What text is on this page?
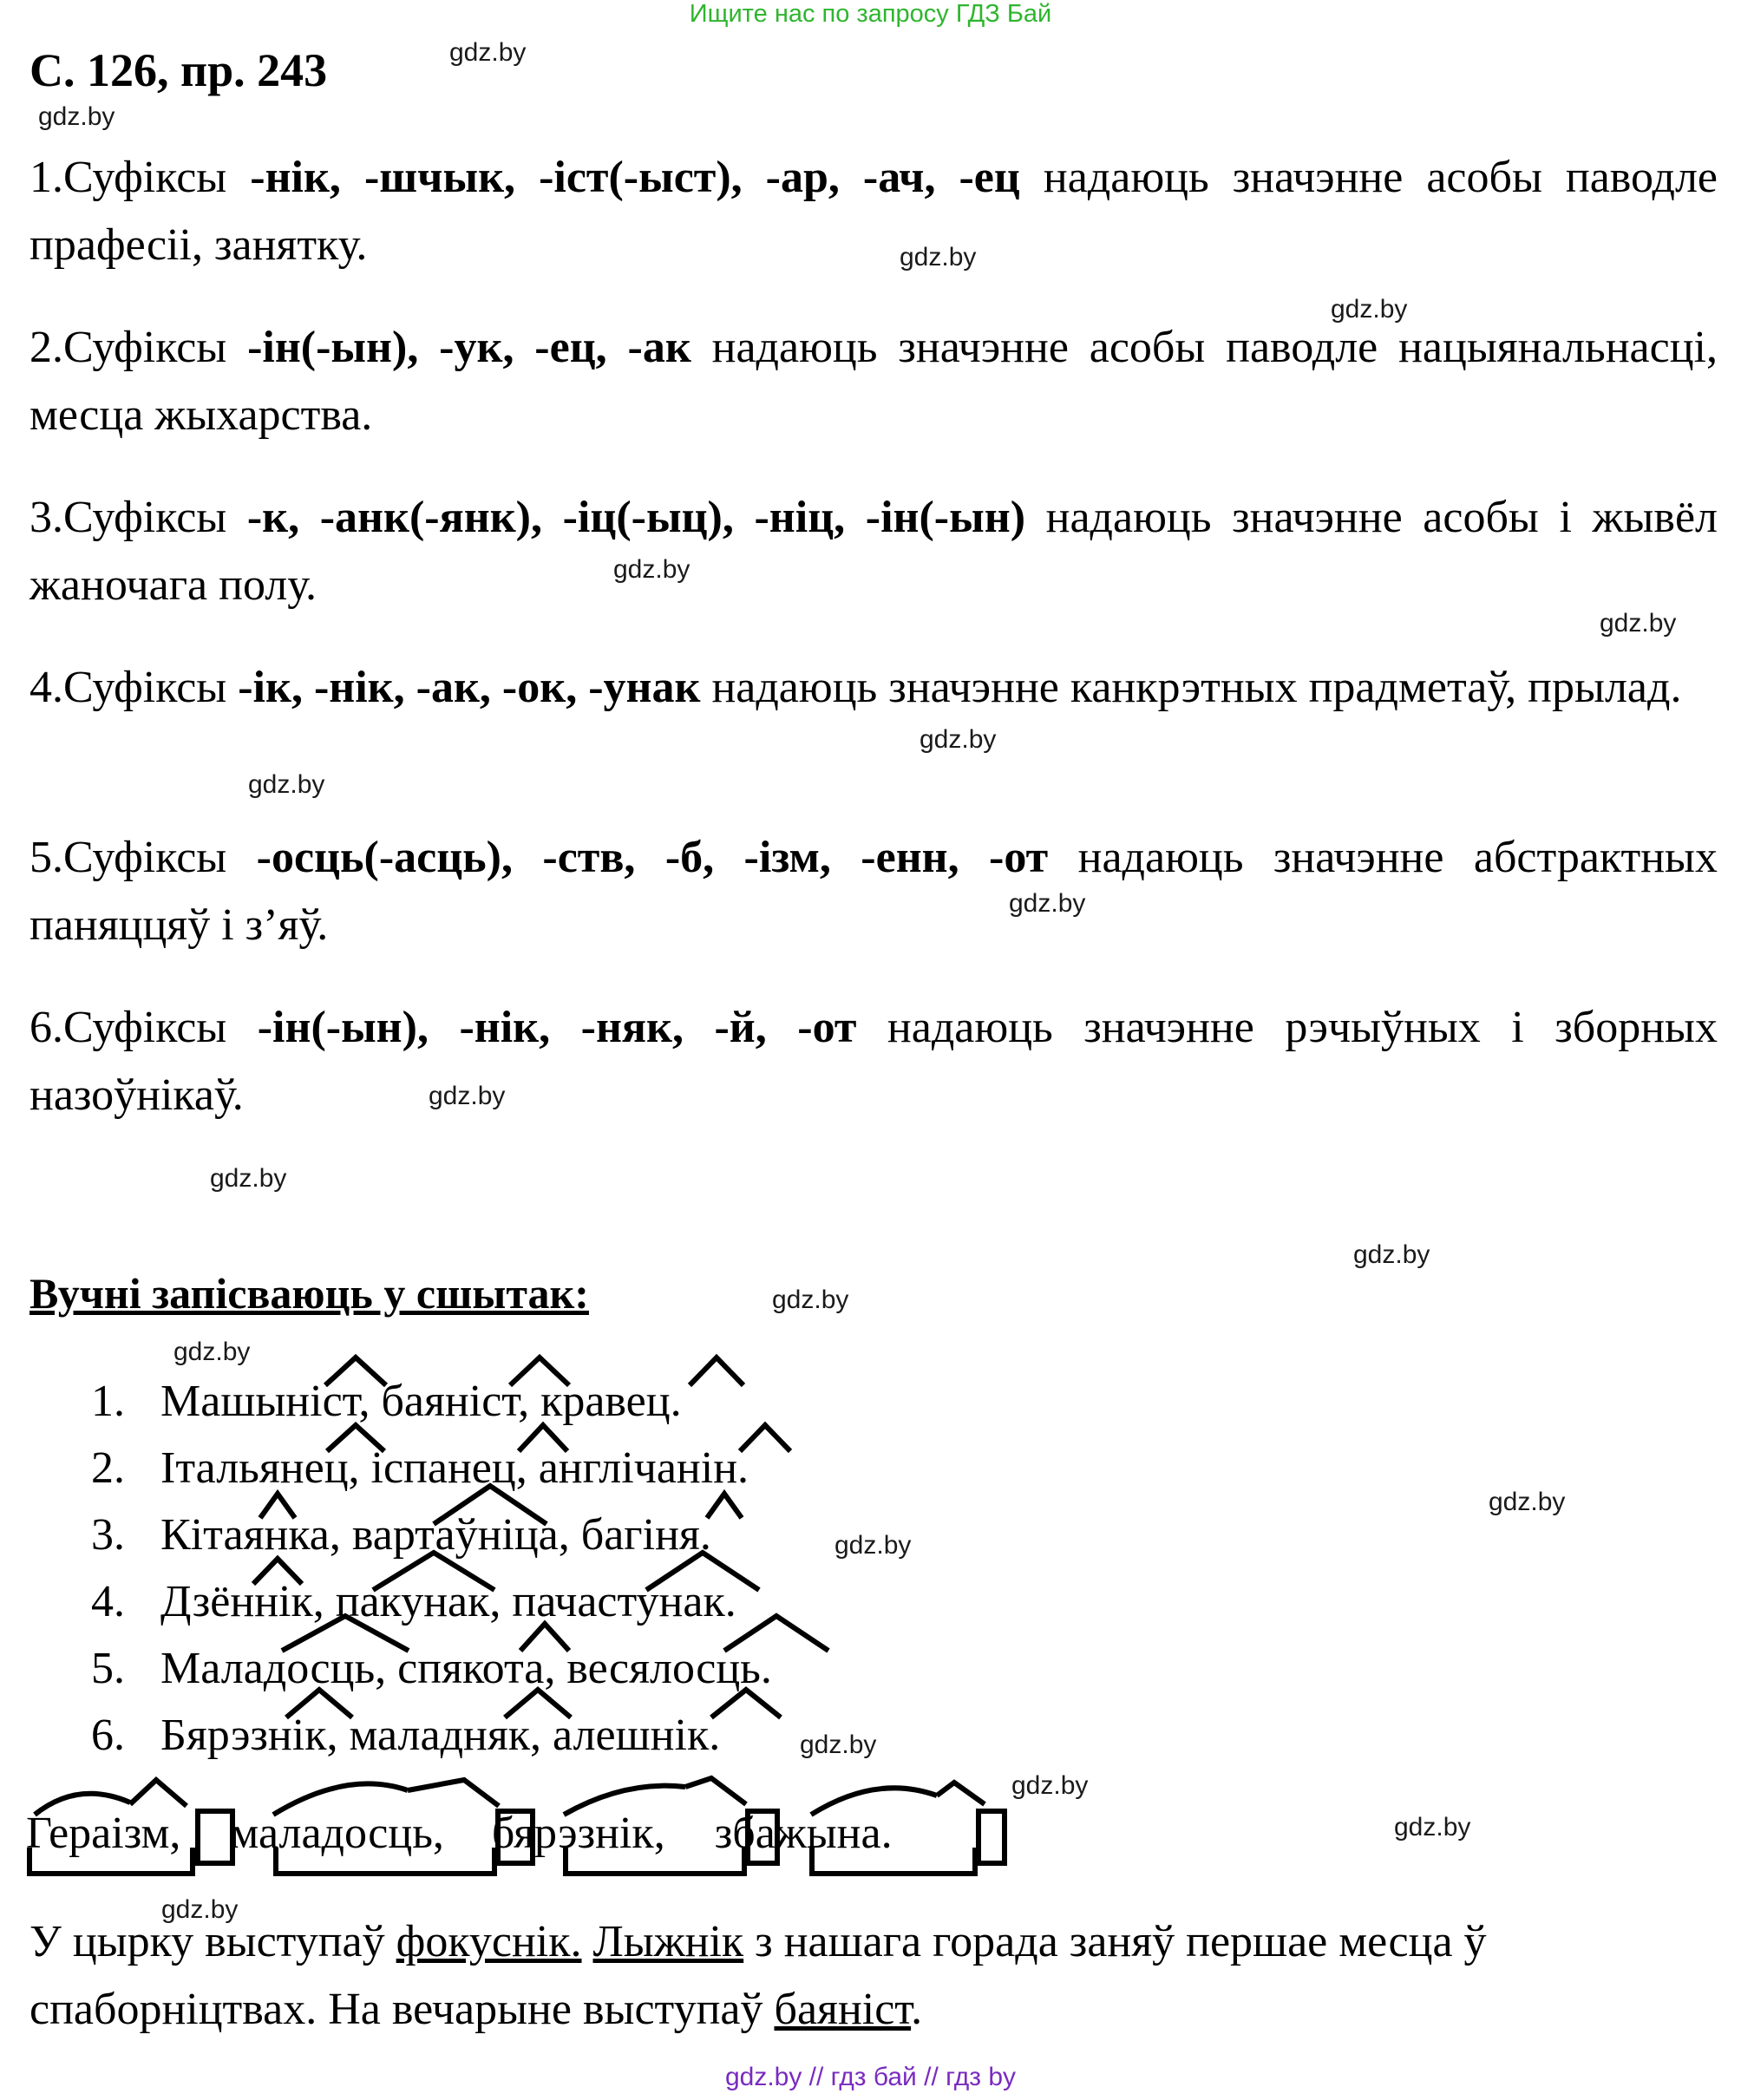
Ищите нас по запросу ГДЗ Бай
С. 126, пр. 243	gdz.by
gdz.by
gdz.by
gdz.by
gdz.by
gdz.by
gdz.by
gdz.by
gdz.by
gdz.by
gdz.by
gdz.by
gdz.by
gdz.by
gdz.by
gdz.by
gdz.by
gdz.by
gdz.by
gdz.by
1.Суфіксы -нік, -шчык, -іст(-ыст), -ар, -ач, -ец надаюць значэнне асобы паводле прафесіі, занятку.
2.Суфіксы -ін(-ын), -ук, -ец, -ак надаюць значэнне асобы паводле нацыянальнасці, месца жыхарства.
3.Суфіксы -к, -анк(-янк), -іц(-ыц), -ніц, -ін(-ын) надаюць значэнне асобы і жывёл жаночага полу.
4.Суфіксы -ік, -нік, -ак, -ок, -унак надаюць значэнне канкрэтных прадметаў, прылад.
5.Суфіксы -осць(-асць), -ств, -б, -ізм, -енн, -от надаюць значэнне абстрактных паняццяў і з’яў.
6.Суфіксы -ін(-ын), -нік, -няк, -й, -от надаюць значэнне рэчыўных і зборных назоўнікаў.
Вучні запісваюць у сшытак:
1. Машыніст, баяніст, кравец.
2. Італьянец, іспанец, англічанін.
3. Кітаянка, вартаўніца, багіня.
4. Дзённік, пакунак, пачастунак.
5. Маладосць, спякота, весялосць.
6. Бярэзнік, маладняк, алешнік.
Гераізм,маладосць,бярэзнік,збажына.
У цырку выступаў фокуснік. Лыжнік з нашага горада заняў першае месца ў спаборніцтвах. На вечарыне выступаў баяніст.
gdz.by // гдз бай // гдз by
